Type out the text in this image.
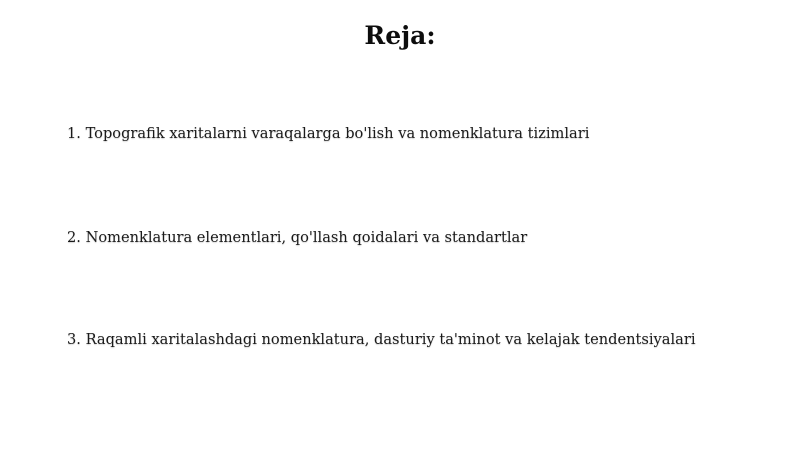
Reja:
1. Topografik xaritalarni varaqalarga bo'lish va nomenklatura tizimlari
2. Nomenklatura elementlari, qo'llash qoidalari va standartlar
3. Raqamli xaritalashdagi nomenklatura, dasturiy ta'minot va kelajak tendentsiyalari
